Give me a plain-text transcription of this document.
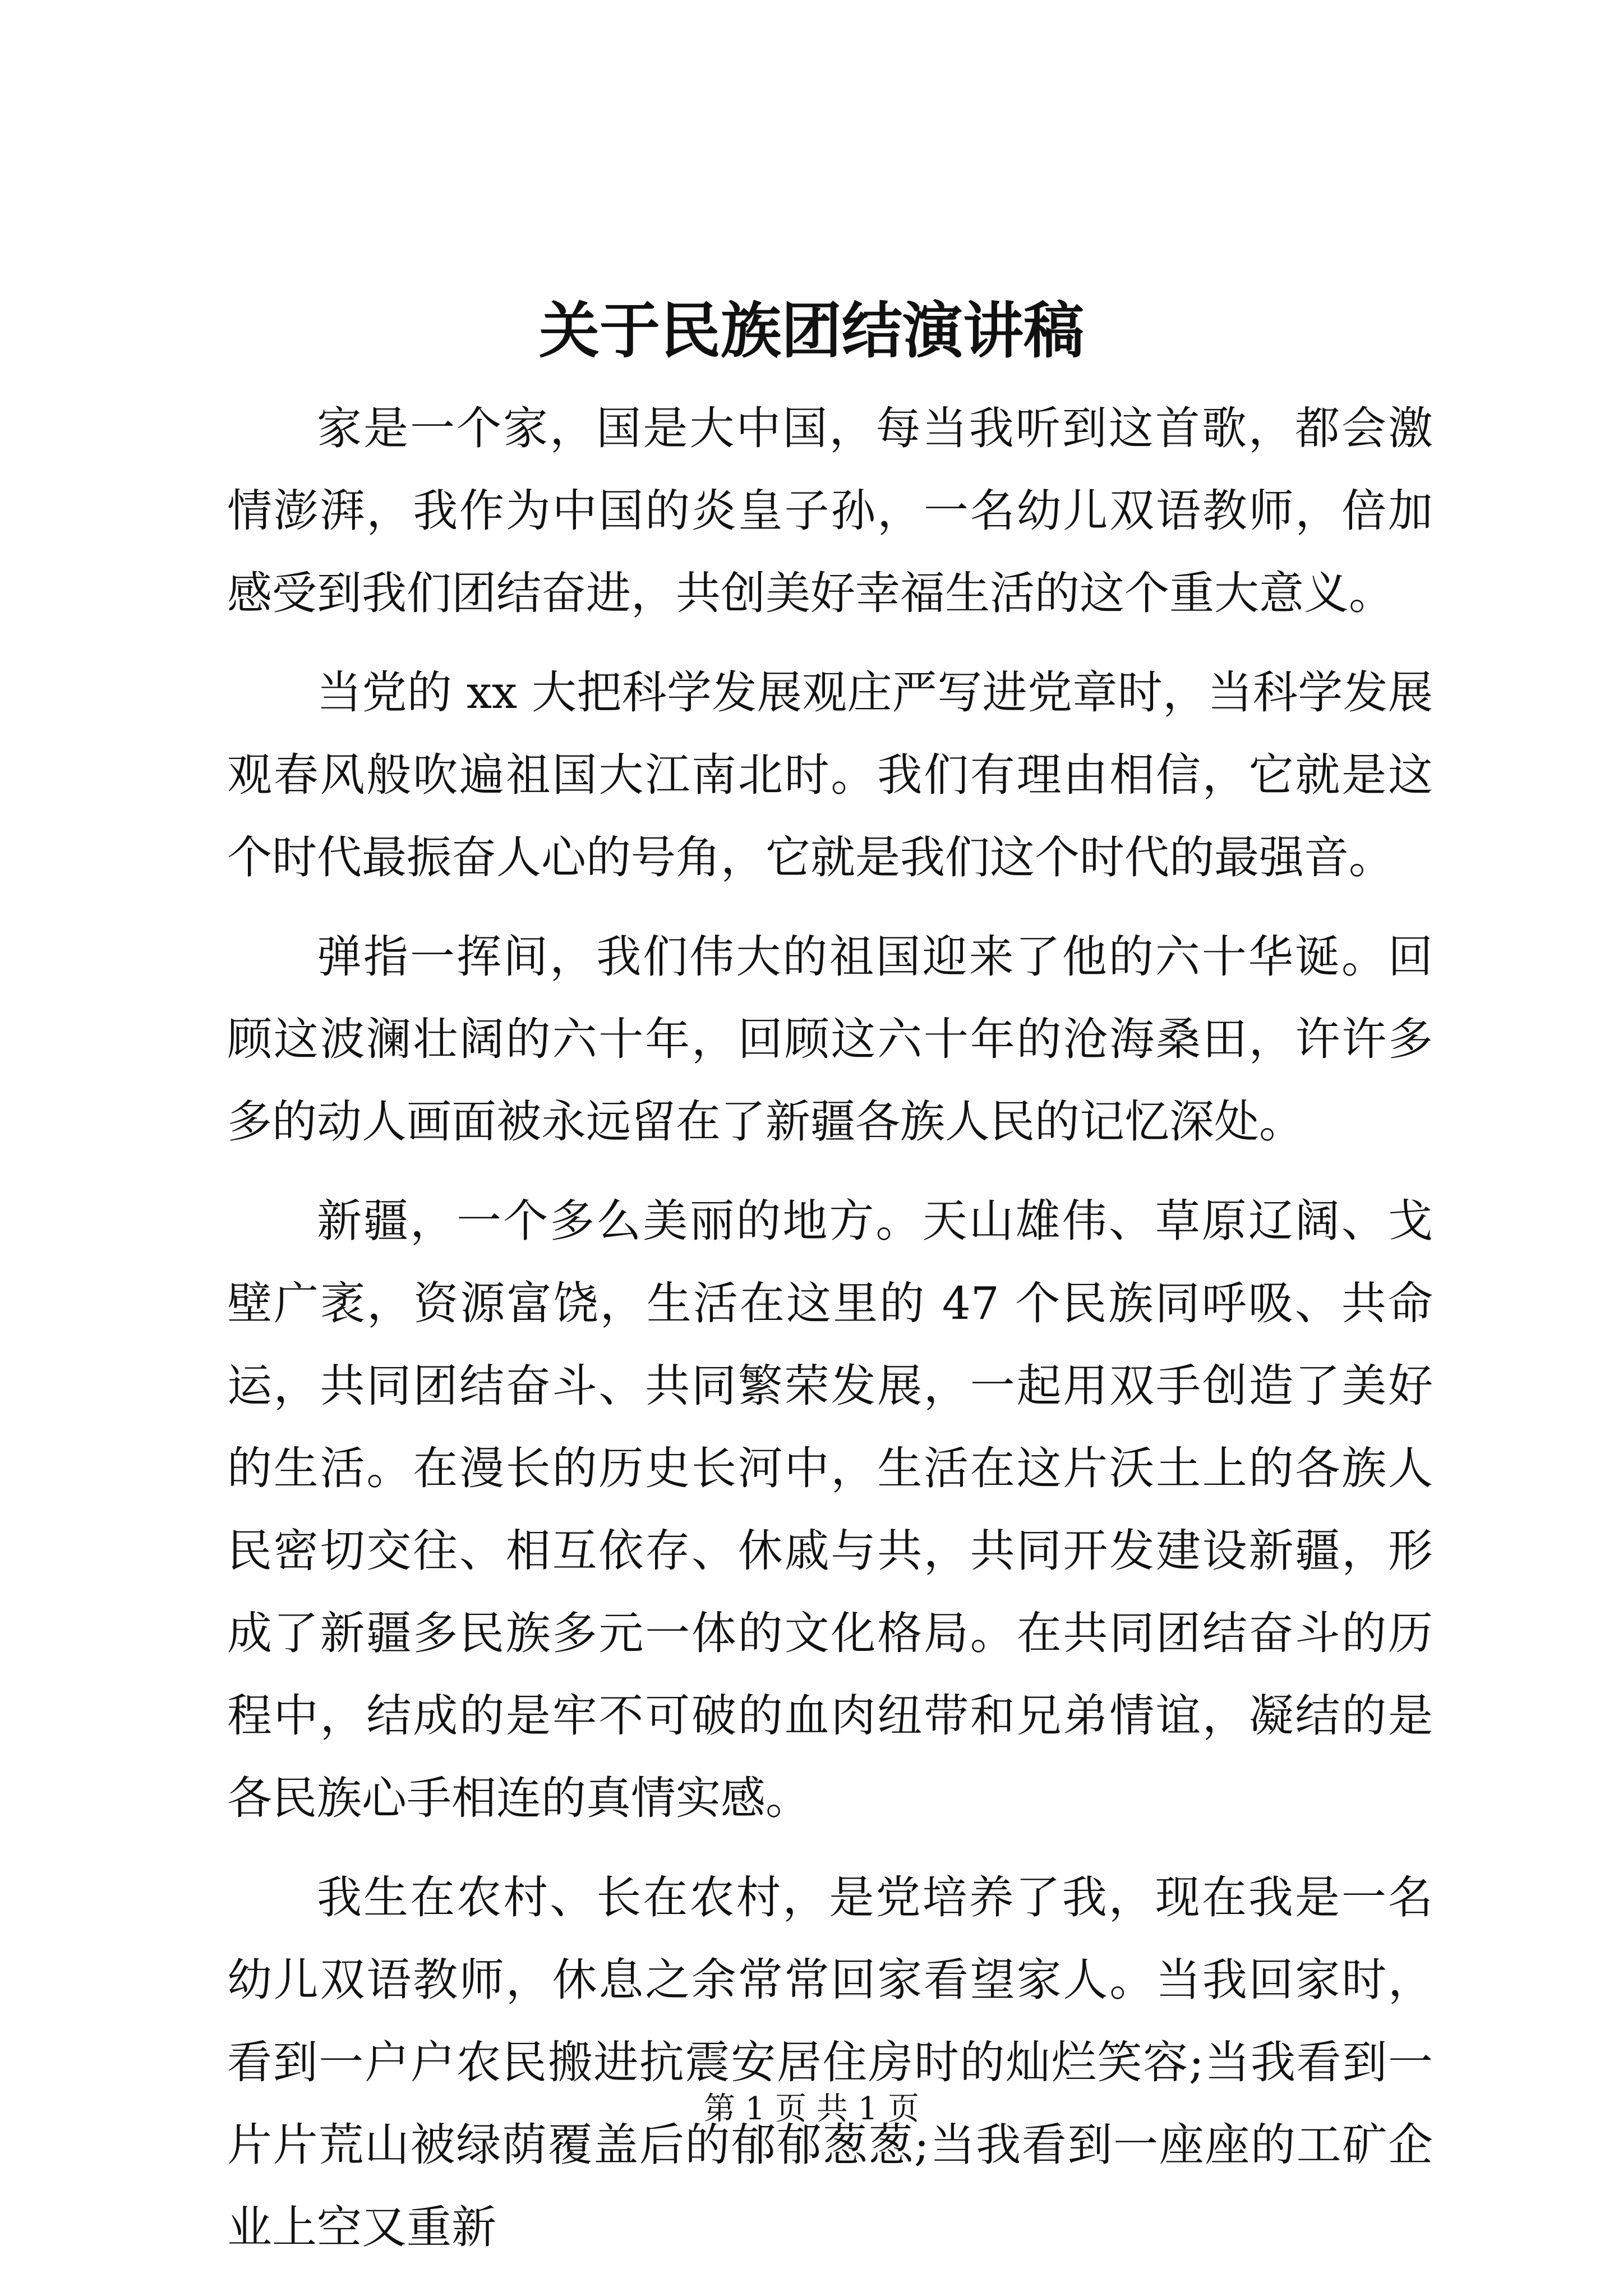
关于民族团结演讲稿

家是一个家，国是大中国，每当我听到这首歌，都会激情澎湃，我作为中国的炎皇子孙，一名幼儿双语教师，倍加感受到我们团结奋进，共创美好幸福生活的这个重大意义。

当党的 xx 大把科学发展观庄严写进党章时，当科学发展观春风般吹遍祖国大江南北时。我们有理由相信，它就是这个时代最振奋人心的号角，它就是我们这个时代的最强音。

弹指一挥间，我们伟大的祖国迎来了他的六十华诞。回顾这波澜壮阔的六十年，回顾这六十年的沧海桑田，许许多多的动人画面被永远留在了新疆各族人民的记忆深处。

新疆，一个多么美丽的地方。天山雄伟、草原辽阔、戈壁广袤，资源富饶，生活在这里的 47 个民族同呼吸、共命运，共同团结奋斗、共同繁荣发展，一起用双手创造了美好的生活。在漫长的历史长河中，生活在这片沃土上的各族人民密切交往、相互依存、休戚与共，共同开发建设新疆，形成了新疆多民族多元一体的文化格局。在共同团结奋斗的历程中，结成的是牢不可破的血肉纽带和兄弟情谊，凝结的是各民族心手相连的真情实感。

我生在农村、长在农村，是党培养了我，现在我是一名幼儿双语教师，休息之余常常回家看望家人。当我回家时，看到一户户农民搬进抗震安居住房时的灿烂笑容;当我看到一片片荒山被绿荫覆盖后的郁郁葱葱;当我看到一座座的工矿企业上空又重新

第 1 页 共 1 页
